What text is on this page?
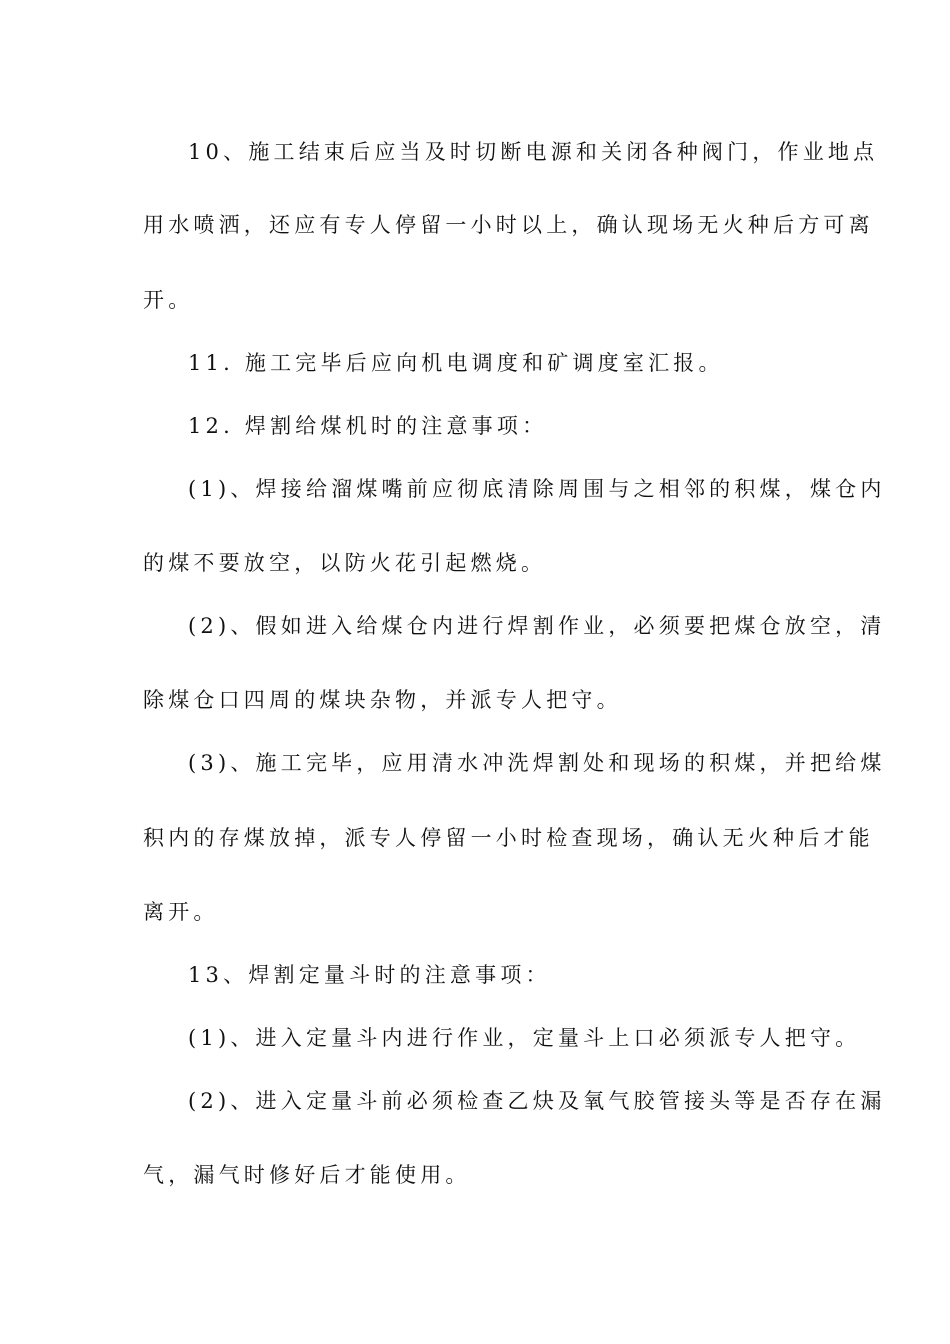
10、施工结束后应当及时切断电源和关闭各种阀门，作业地点
用水喷洒，还应有专人停留一小时以上，确认现场无火种后方可离
开。
11. 施工完毕后应向机电调度和矿调度室汇报。
12. 焊割给煤机时的注意事项：
(1)、焊接给溜煤嘴前应彻底清除周围与之相邻的积煤，煤仓内
的煤不要放空，以防火花引起燃烧。
(2)、假如进入给煤仓内进行焊割作业，必须要把煤仓放空，清
除煤仓口四周的煤块杂物，并派专人把守。
(3)、施工完毕，应用清水冲洗焊割处和现场的积煤，并把给煤
积内的存煤放掉，派专人停留一小时检查现场，确认无火种后才能
离开。
13、焊割定量斗时的注意事项：
(1)、进入定量斗内进行作业，定量斗上口必须派专人把守。
(2)、进入定量斗前必须检查乙炔及氧气胶管接头等是否存在漏
气，漏气时修好后才能使用。
